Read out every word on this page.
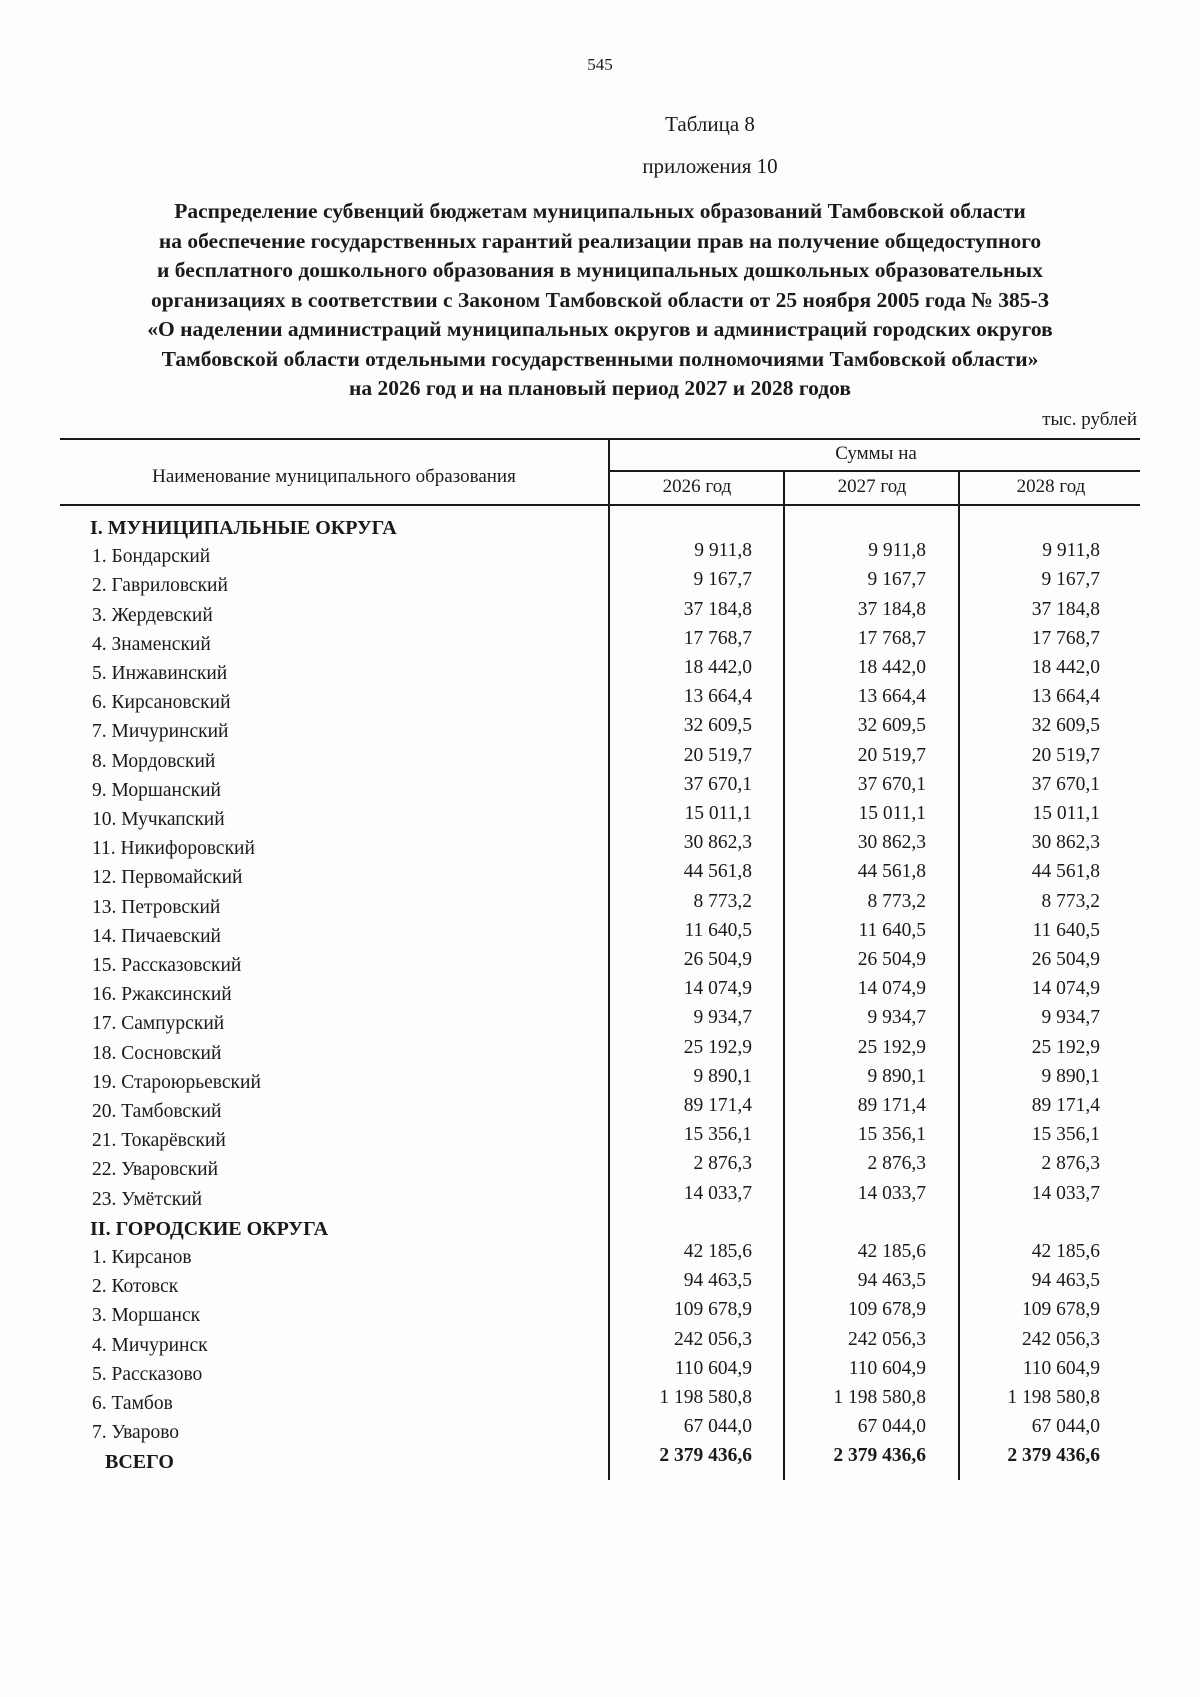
545
Таблица 8
приложения 10
Распределение субвенций бюджетам муниципальных образований Тамбовской области
на обеспечение государственных гарантий реализации прав на получение общедоступного
и бесплатного дошкольного образования в муниципальных дошкольных образовательных
организациях в соответствии с Законом Тамбовской области от 25 ноября 2005 года № 385-З
«О наделении администраций муниципальных округов и администраций городских округов
Тамбовской области отдельными государственными полномочиями Тамбовской области»
на 2026 год и на плановый период 2027 и 2028 годов
тыс. рублей
Наименование муниципального образования
Суммы на
2026 год	2027 год	2028 год
I. МУНИЦИПАЛЬНЫЕ ОКРУГА
1. Бондарский	9 911,8	9 911,8	9 911,8
2. Гавриловский	9 167,7	9 167,7	9 167,7
3. Жердевский	37 184,8	37 184,8	37 184,8
4. Знаменский	17 768,7	17 768,7	17 768,7
5. Инжавинский	18 442,0	18 442,0	18 442,0
6. Кирсановский	13 664,4	13 664,4	13 664,4
7. Мичуринский	32 609,5	32 609,5	32 609,5
8. Мордовский	20 519,7	20 519,7	20 519,7
9. Моршанский	37 670,1	37 670,1	37 670,1
10. Мучкапский	15 011,1	15 011,1	15 011,1
11. Никифоровский	30 862,3	30 862,3	30 862,3
12. Первомайский	44 561,8	44 561,8	44 561,8
13. Петровский	8 773,2	8 773,2	8 773,2
14. Пичаевский	11 640,5	11 640,5	11 640,5
15. Рассказовский	26 504,9	26 504,9	26 504,9
16. Ржаксинский	14 074,9	14 074,9	14 074,9
17. Сампурский	9 934,7	9 934,7	9 934,7
18. Сосновский	25 192,9	25 192,9	25 192,9
19. Староюрьевский	9 890,1	9 890,1	9 890,1
20. Тамбовский	89 171,4	89 171,4	89 171,4
21. Токарёвский	15 356,1	15 356,1	15 356,1
22. Уваровский	2 876,3	2 876,3	2 876,3
23. Умётский	14 033,7	14 033,7	14 033,7
II. ГОРОДСКИЕ ОКРУГА
1. Кирсанов	42 185,6	42 185,6	42 185,6
2. Котовск	94 463,5	94 463,5	94 463,5
3. Моршанск	109 678,9	109 678,9	109 678,9
4. Мичуринск	242 056,3	242 056,3	242 056,3
5. Рассказово	110 604,9	110 604,9	110 604,9
6. Тамбов	1 198 580,8	1 198 580,8	1 198 580,8
7. Уварово	67 044,0	67 044,0	67 044,0
ВСЕГО	2 379 436,6	2 379 436,6	2 379 436,6
